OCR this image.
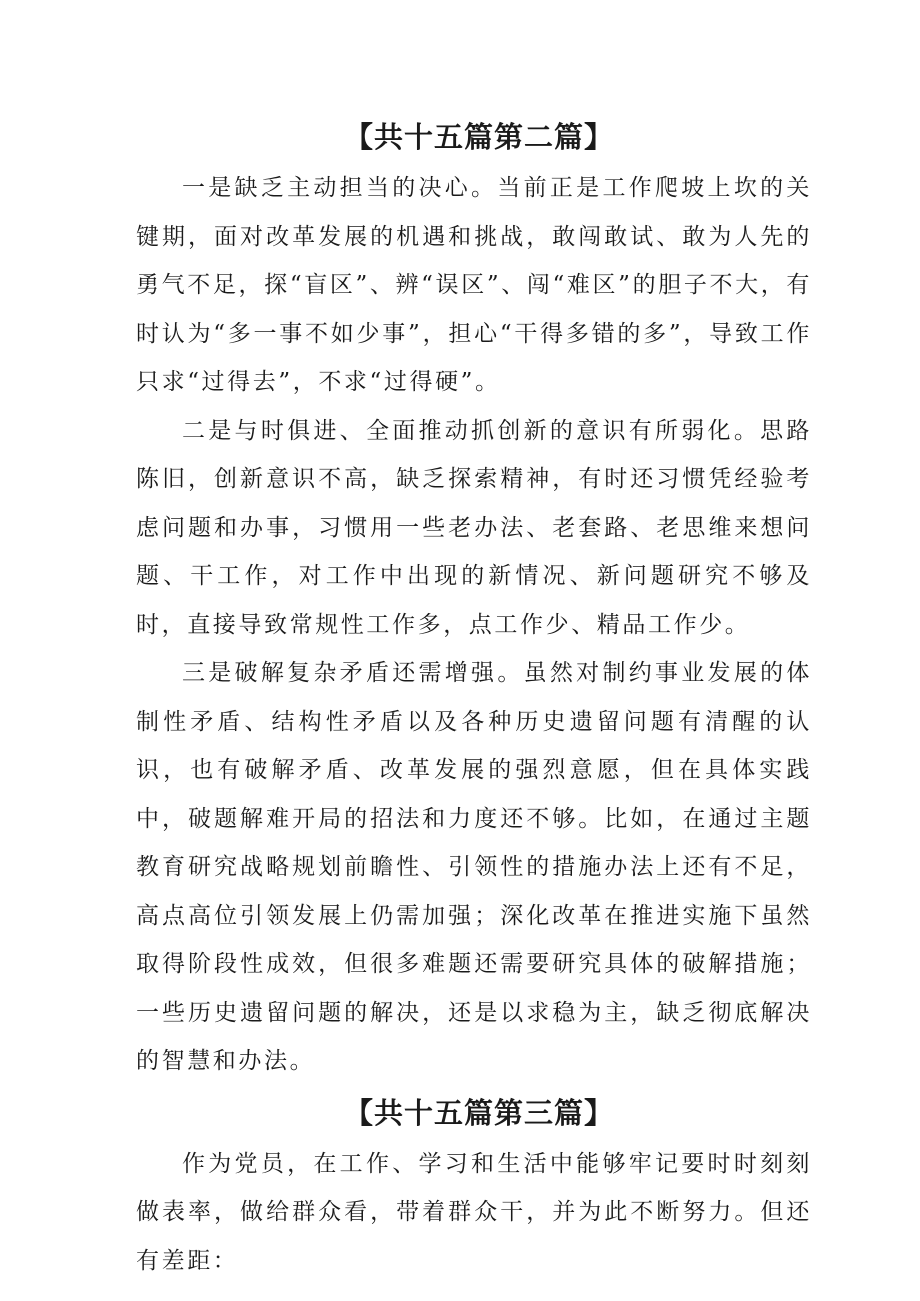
【共十五篇第二篇】

一是缺乏主动担当的决心。当前正是工作爬坡上坎的关键期，面对改革发展的机遇和挑战，敢闯敢试、敢为人先的勇气不足，探“盲区”、辨“误区”、闯“难区”的胆子不大，有时认为“多一事不如少事”，担心“干得多错的多”，导致工作只求“过得去”，不求“过得硬”。

二是与时俱进、全面推动抓创新的意识有所弱化。思路陈旧，创新意识不高，缺乏探索精神，有时还习惯凭经验考虑问题和办事，习惯用一些老办法、老套路、老思维来想问题、干工作，对工作中出现的新情况、新问题研究不够及时，直接导致常规性工作多，点工作少、精品工作少。

三是破解复杂矛盾还需增强。虽然对制约事业发展的体制性矛盾、结构性矛盾以及各种历史遗留问题有清醒的认识，也有破解矛盾、改革发展的强烈意愿，但在具体实践中，破题解难开局的招法和力度还不够。比如，在通过主题教育研究战略规划前瞻性、引领性的措施办法上还有不足，高点高位引领发展上仍需加强；深化改革在推进实施下虽然取得阶段性成效，但很多难题还需要研究具体的破解措施；一些历史遗留问题的解决，还是以求稳为主，缺乏彻底解决的智慧和办法。

【共十五篇第三篇】

作为党员，在工作、学习和生活中能够牢记要时时刻刻做表率，做给群众看，带着群众干，并为此不断努力。但还有差距：
